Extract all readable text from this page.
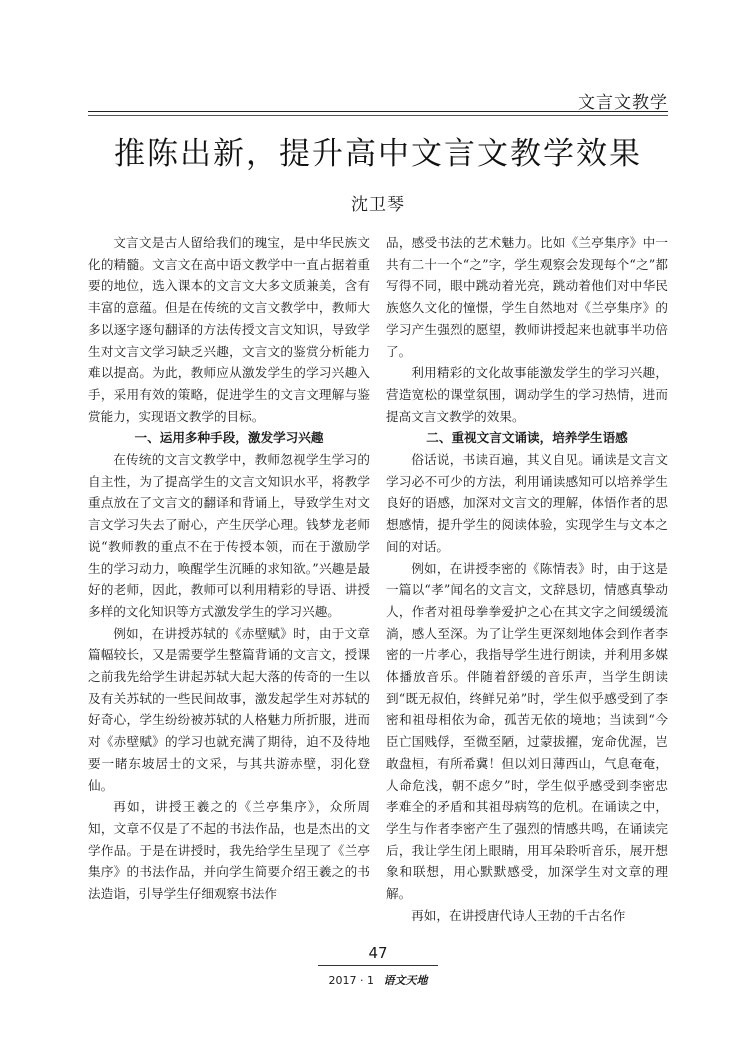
文言文教学
推陈出新，提升高中文言文教学效果
沈卫琴

文言文是古人留给我们的瑰宝，是中华民族文化的精髓。文言文在高中语文教学中一直占据着重要的地位，选入课本的文言文大多文质兼美，含有丰富的意蕴。但是在传统的文言文教学中，教师大多以逐字逐句翻译的方法传授文言文知识，导致学生对文言文学习缺乏兴趣，文言文的鉴赏分析能力难以提高。为此，教师应从激发学生的学习兴趣入手，采用有效的策略，促进学生的文言文理解与鉴赏能力，实现语文教学的目标。

一、运用多种手段，激发学习兴趣

在传统的文言文教学中，教师忽视学生学习的自主性，为了提高学生的文言文知识水平，将教学重点放在了文言文的翻译和背诵上，导致学生对文言文学习失去了耐心，产生厌学心理。钱梦龙老师说“教师教的重点不在于传授本领，而在于激励学生的学习动力，唤醒学生沉睡的求知欲。”兴趣是最好的老师，因此，教师可以利用精彩的导语、讲授多样的文化知识等方式激发学生的学习兴趣。

例如，在讲授苏轼的《赤壁赋》时，由于文章篇幅较长，又是需要学生整篇背诵的文言文，授课之前我先给学生讲起苏轼大起大落的传奇的一生以及有关苏轼的一些民间故事，激发起学生对苏轼的好奇心，学生纷纷被苏轼的人格魅力所折服，进而对《赤壁赋》的学习也就充满了期待，迫不及待地要一睹东坡居士的文采，与其共游赤壁，羽化登仙。

再如，讲授王羲之的《兰亭集序》，众所周知，文章不仅是了不起的书法作品，也是杰出的文学作品。于是在讲授时，我先给学生呈现了《兰亭集序》的书法作品，并向学生简要介绍王羲之的书法造诣，引导学生仔细观察书法作

品，感受书法的艺术魅力。比如《兰亭集序》中一共有二十一个“之”字，学生观察会发现每个“之”都写得不同，眼中跳动着光亮，跳动着他们对中华民族悠久文化的憧憬，学生自然地对《兰亭集序》的学习产生强烈的愿望，教师讲授起来也就事半功倍了。

利用精彩的文化故事能激发学生的学习兴趣，营造宽松的课堂氛围，调动学生的学习热情，进而提高文言文教学的效果。

二、重视文言文诵读，培养学生语感

俗话说，书读百遍，其义自见。诵读是文言文学习必不可少的方法，利用诵读感知可以培养学生良好的语感，加深对文言文的理解，体悟作者的思想感情，提升学生的阅读体验，实现学生与文本之间的对话。

例如，在讲授李密的《陈情表》时，由于这是一篇以“孝”闻名的文言文，文辞恳切，情感真挚动人，作者对祖母拳拳爱护之心在其文字之间缓缓流淌，感人至深。为了让学生更深刻地体会到作者李密的一片孝心，我指导学生进行朗读，并利用多媒体播放音乐。伴随着舒缓的音乐声，当学生朗读到“既无叔伯，终鲜兄弟”时，学生似乎感受到了李密和祖母相依为命，孤苦无依的境地；当读到“今臣亡国贱俘，至微至陋，过蒙拔擢，宠命优渥，岂敢盘桓，有所希冀！但以刘日薄西山，气息奄奄，人命危浅，朝不虑夕”时，学生似乎感受到李密忠孝难全的矛盾和其祖母病笃的危机。在诵读之中，学生与作者李密产生了强烈的情感共鸣，在诵读完后，我让学生闭上眼睛，用耳朵聆听音乐，展开想象和联想，用心默默感受，加深学生对文章的理解。

再如，在讲授唐代诗人王勃的千古名作

47
2017 · 1 语文天地
